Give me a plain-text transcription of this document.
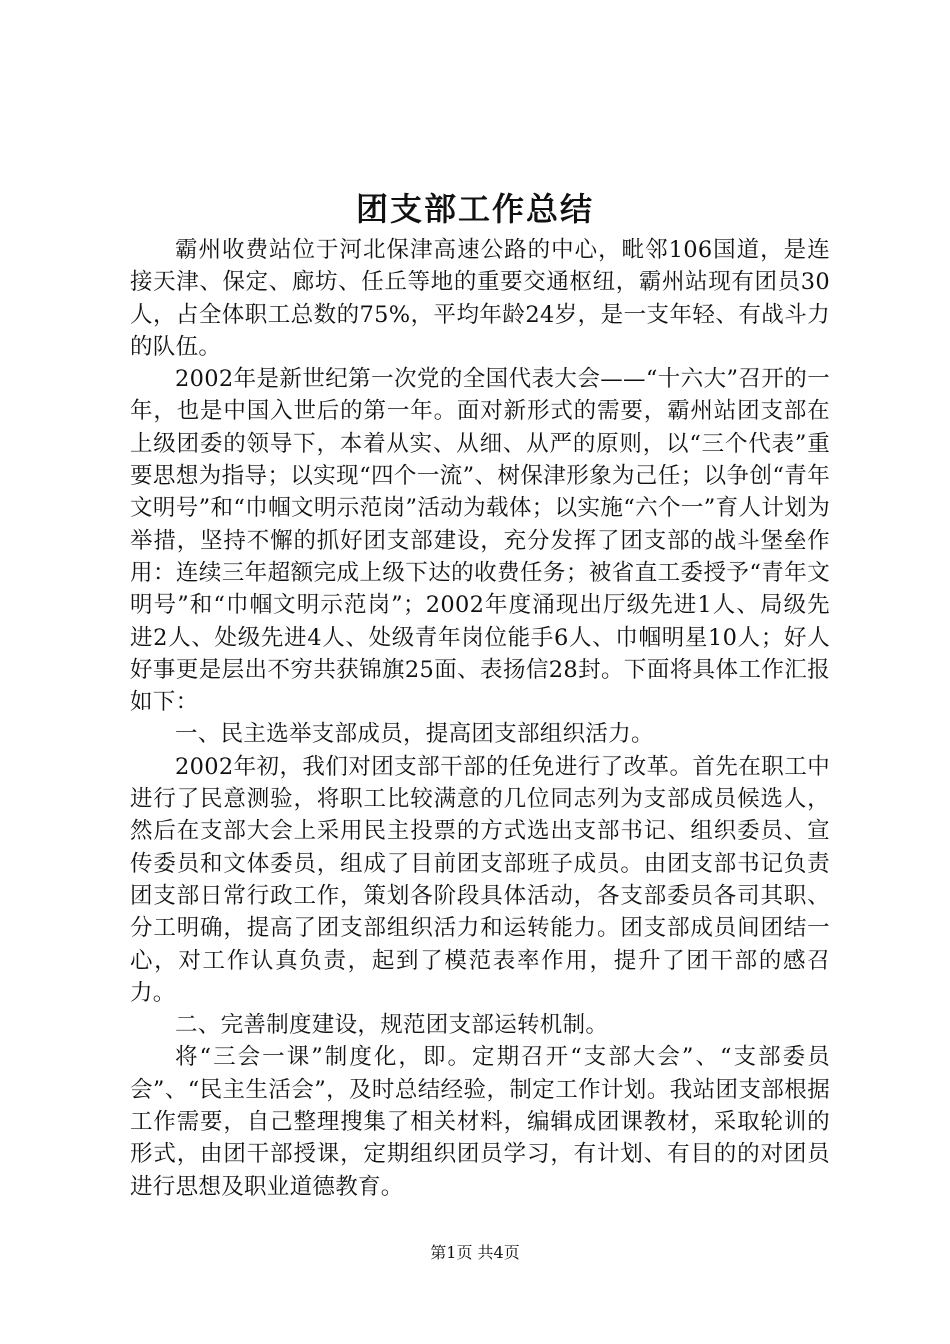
团支部工作总结

霸州收费站位于河北保津高速公路的中心，毗邻106国道，是连接天津、保定、廊坊、任丘等地的重要交通枢纽，霸州站现有团员30人，占全体职工总数的75%，平均年龄24岁，是一支年轻、有战斗力的队伍。

2002年是新世纪第一次党的全国代表大会——“十六大”召开的一年，也是中国入世后的第一年。面对新形式的需要，霸州站团支部在上级团委的领导下，本着从实、从细、从严的原则，以“三个代表”重要思想为指导；以实现“四个一流”、树保津形象为己任；以争创“青年文明号”和“巾帼文明示范岗”活动为载体；以实施“六个一”育人计划为举措，坚持不懈的抓好团支部建设，充分发挥了团支部的战斗堡垒作用：连续三年超额完成上级下达的收费任务；被省直工委授予“青年文明号”和“巾帼文明示范岗”；2002年度涌现出厅级先进1人、局级先进2人、处级先进4人、处级青年岗位能手6人、巾帼明星10人；好人好事更是层出不穷共获锦旗25面、表扬信28封。下面将具体工作汇报如下：

一、民主选举支部成员，提高团支部组织活力。

2002年初，我们对团支部干部的任免进行了改革。首先在职工中进行了民意测验，将职工比较满意的几位同志列为支部成员候选人，然后在支部大会上采用民主投票的方式选出支部书记、组织委员、宣传委员和文体委员，组成了目前团支部班子成员。由团支部书记负责团支部日常行政工作，策划各阶段具体活动，各支部委员各司其职、分工明确，提高了团支部组织活力和运转能力。团支部成员间团结一心，对工作认真负责，起到了模范表率作用，提升了团干部的感召力。

二、完善制度建设，规范团支部运转机制。

将“三会一课”制度化，即。定期召开“支部大会”、“支部委员会”、“民主生活会”，及时总结经验，制定工作计划。我站团支部根据工作需要，自己整理搜集了相关材料，编辑成团课教材，采取轮训的形式，由团干部授课，定期组织团员学习，有计划、有目的的对团员进行思想及职业道德教育。

第1页 共4页
